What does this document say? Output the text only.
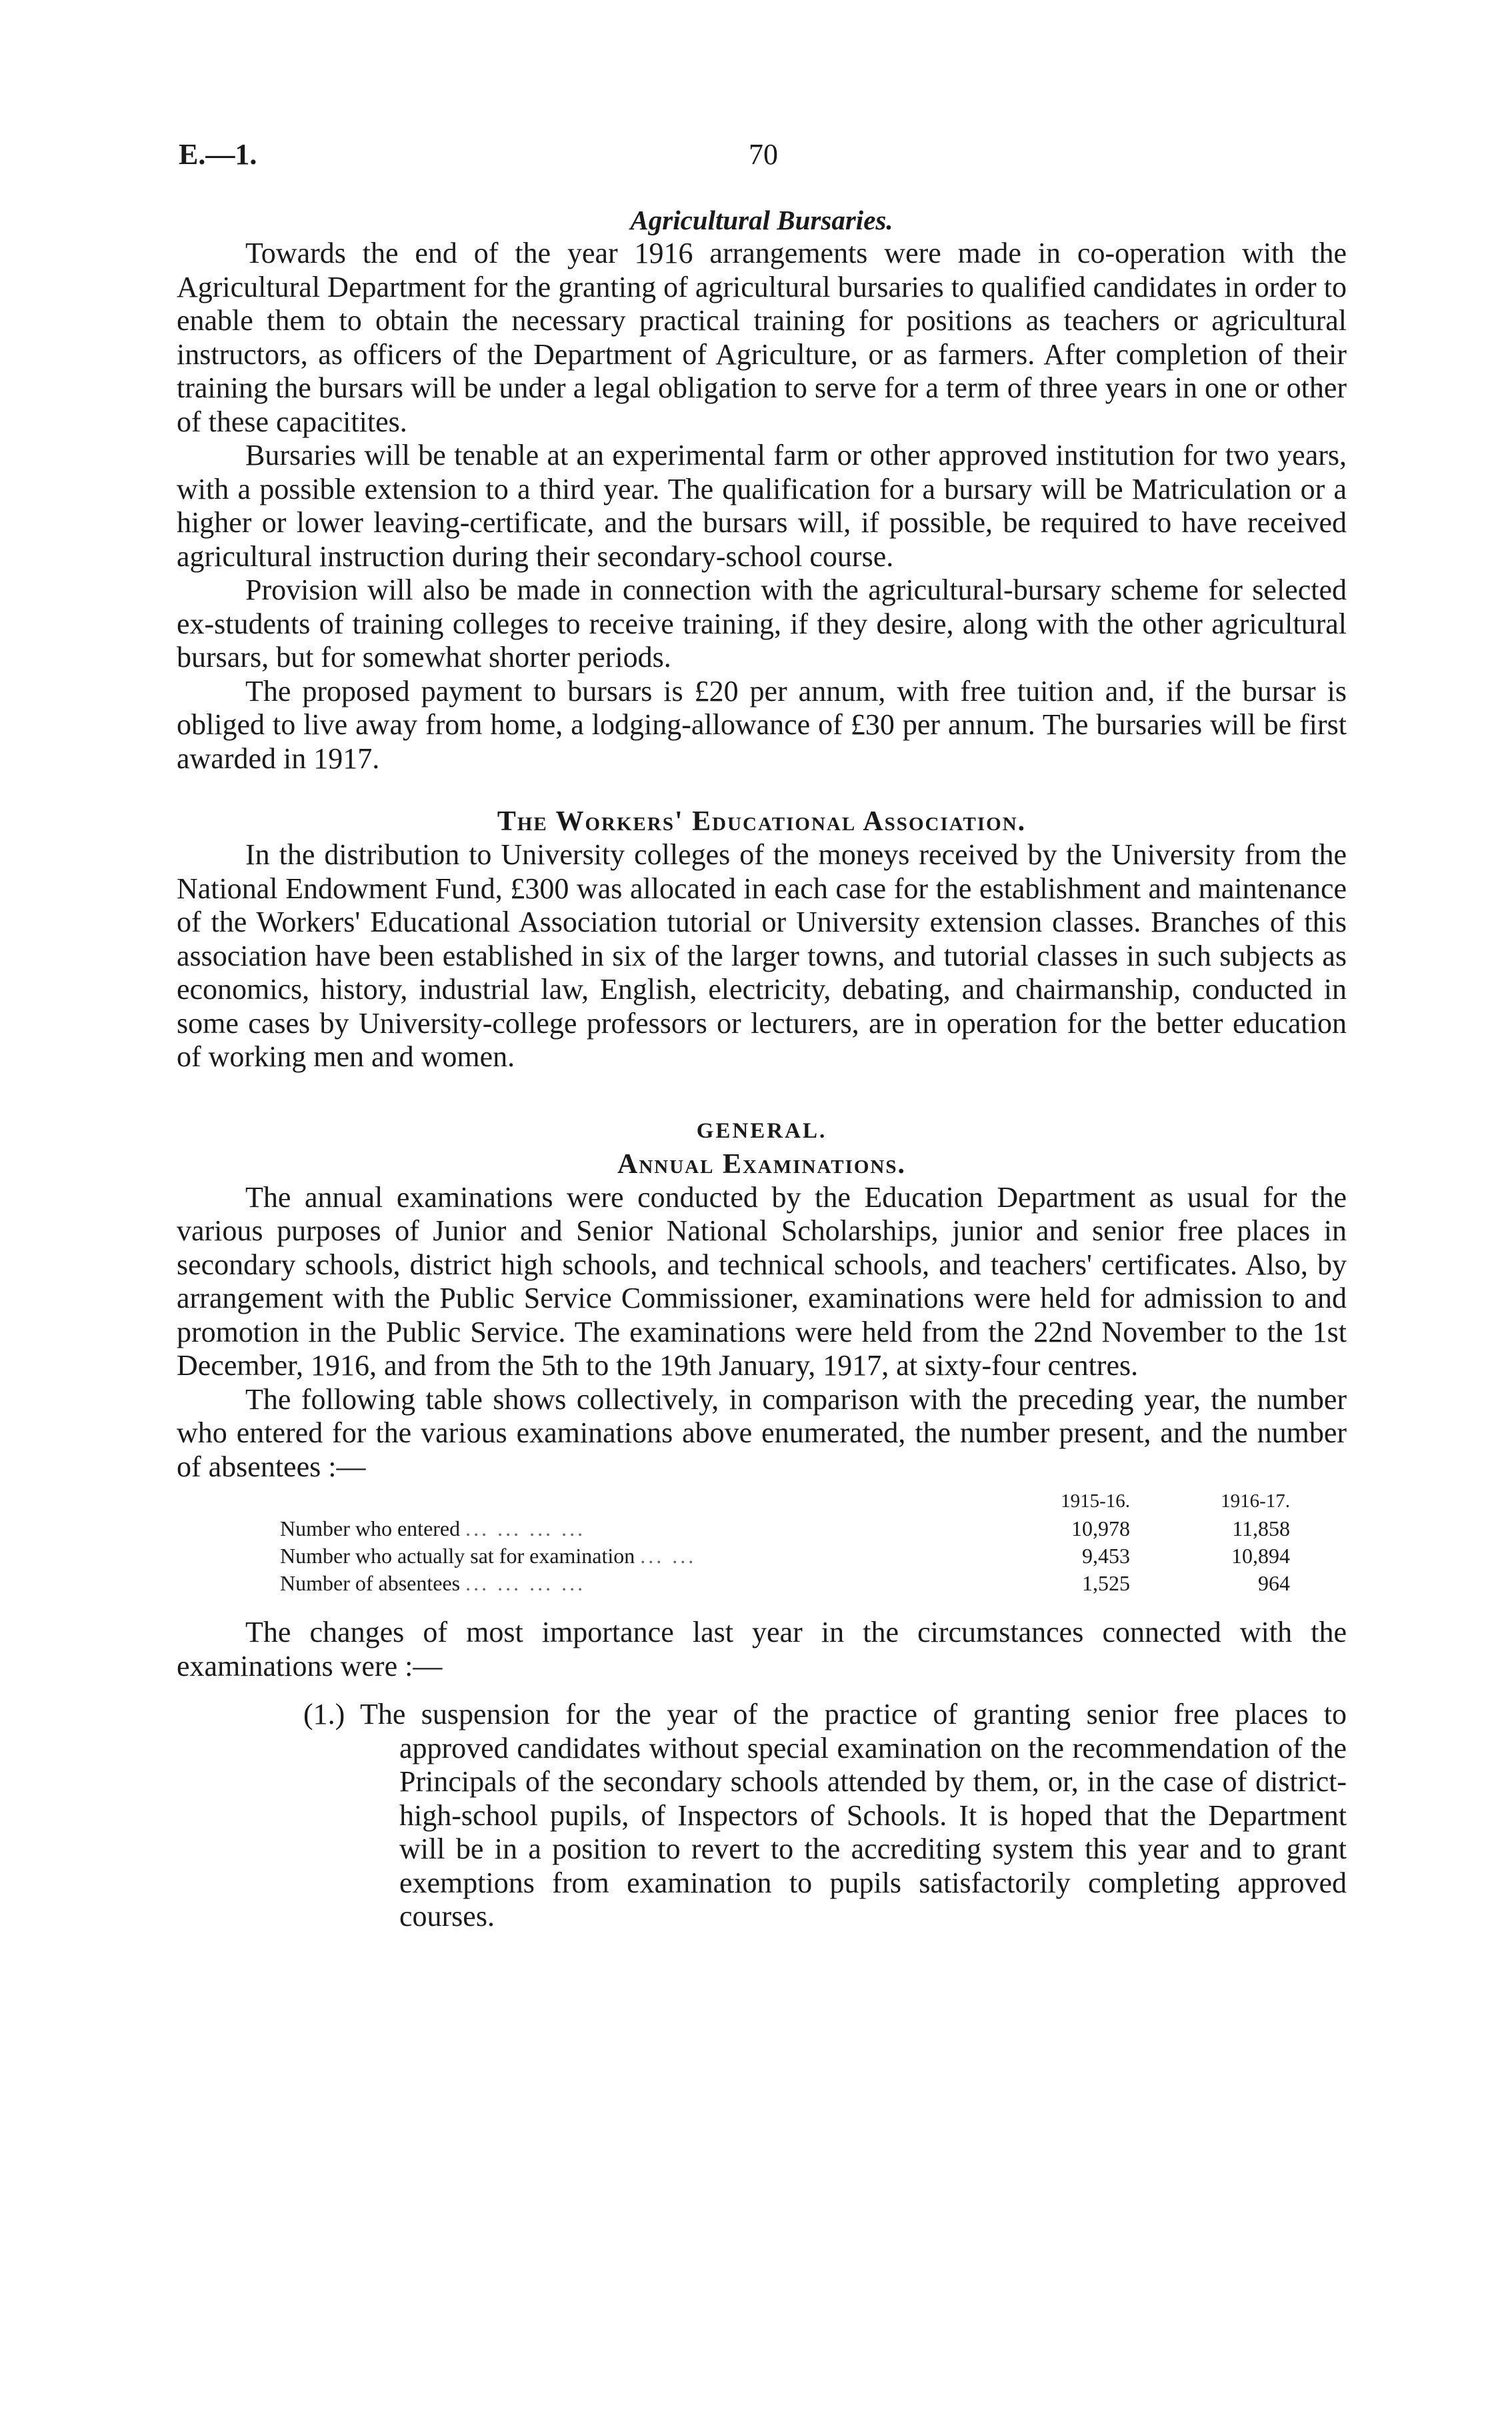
E.—1.	70
Agricultural Bursaries.

Towards the end of the year 1916 arrangements were made in co-operation with the Agricultural Department for the granting of agricultural bursaries to qualified candidates in order to enable them to obtain the necessary practical training for positions as teachers or agricultural instructors, as officers of the Department of Agriculture, or as farmers. After completion of their training the bursars will be under a legal obligation to serve for a term of three years in one or other of these capacitites.

Bursaries will be tenable at an experimental farm or other approved institution for two years, with a possible extension to a third year. The qualification for a bursary will be Matriculation or a higher or lower leaving-certificate, and the bursars will, if possible, be required to have received agricultural instruction during their secondary-school course.

Provision will also be made in connection with the agricultural-bursary scheme for selected ex-students of training colleges to receive training, if they desire, along with the other agricultural bursars, but for somewhat shorter periods.

The proposed payment to bursars is £20 per annum, with free tuition and, if the bursar is obliged to live away from home, a lodging-allowance of £30 per annum. The bursaries will be first awarded in 1917.

The Workers' Educational Association.

In the distribution to University colleges of the moneys received by the University from the National Endowment Fund, £300 was allocated in each case for the establishment and maintenance of the Workers' Educational Association tutorial or University extension classes. Branches of this association have been established in six of the larger towns, and tutorial classes in such subjects as economics, history, industrial law, English, electricity, debating, and chairmanship, conducted in some cases by University-college professors or lecturers, are in operation for the better education of working men and women.

GENERAL.
Annual Examinations.

The annual examinations were conducted by the Education Department as usual for the various purposes of Junior and Senior National Scholarships, junior and senior free places in secondary schools, district high schools, and technical schools, and teachers' certificates. Also, by arrangement with the Public Service Commissioner, examinations were held for admission to and promotion in the Public Service. The examinations were held from the 22nd November to the 1st December, 1916, and from the 5th to the 19th January, 1917, at sixty-four centres.

The following table shows collectively, in comparison with the preceding year, the number who entered for the various examinations above enumerated, the number present, and the number of absentees :—

	1915-16.	1916-17.
Number who entered ... ... ... ...	10,978	11,858
Number who actually sat for examination ... ...	9,453	10,894
Number of absentees ... ... ... ...	1,525	964

The changes of most importance last year in the circumstances connected with the examinations were :—

(1.) The suspension for the year of the practice of granting senior free places to approved candidates without special examination on the recommendation of the Principals of the secondary schools attended by them, or, in the case of district-high-school pupils, of Inspectors of Schools. It is hoped that the Department will be in a position to revert to the accrediting system this year and to grant exemptions from examination to pupils satisfactorily completing approved courses.
